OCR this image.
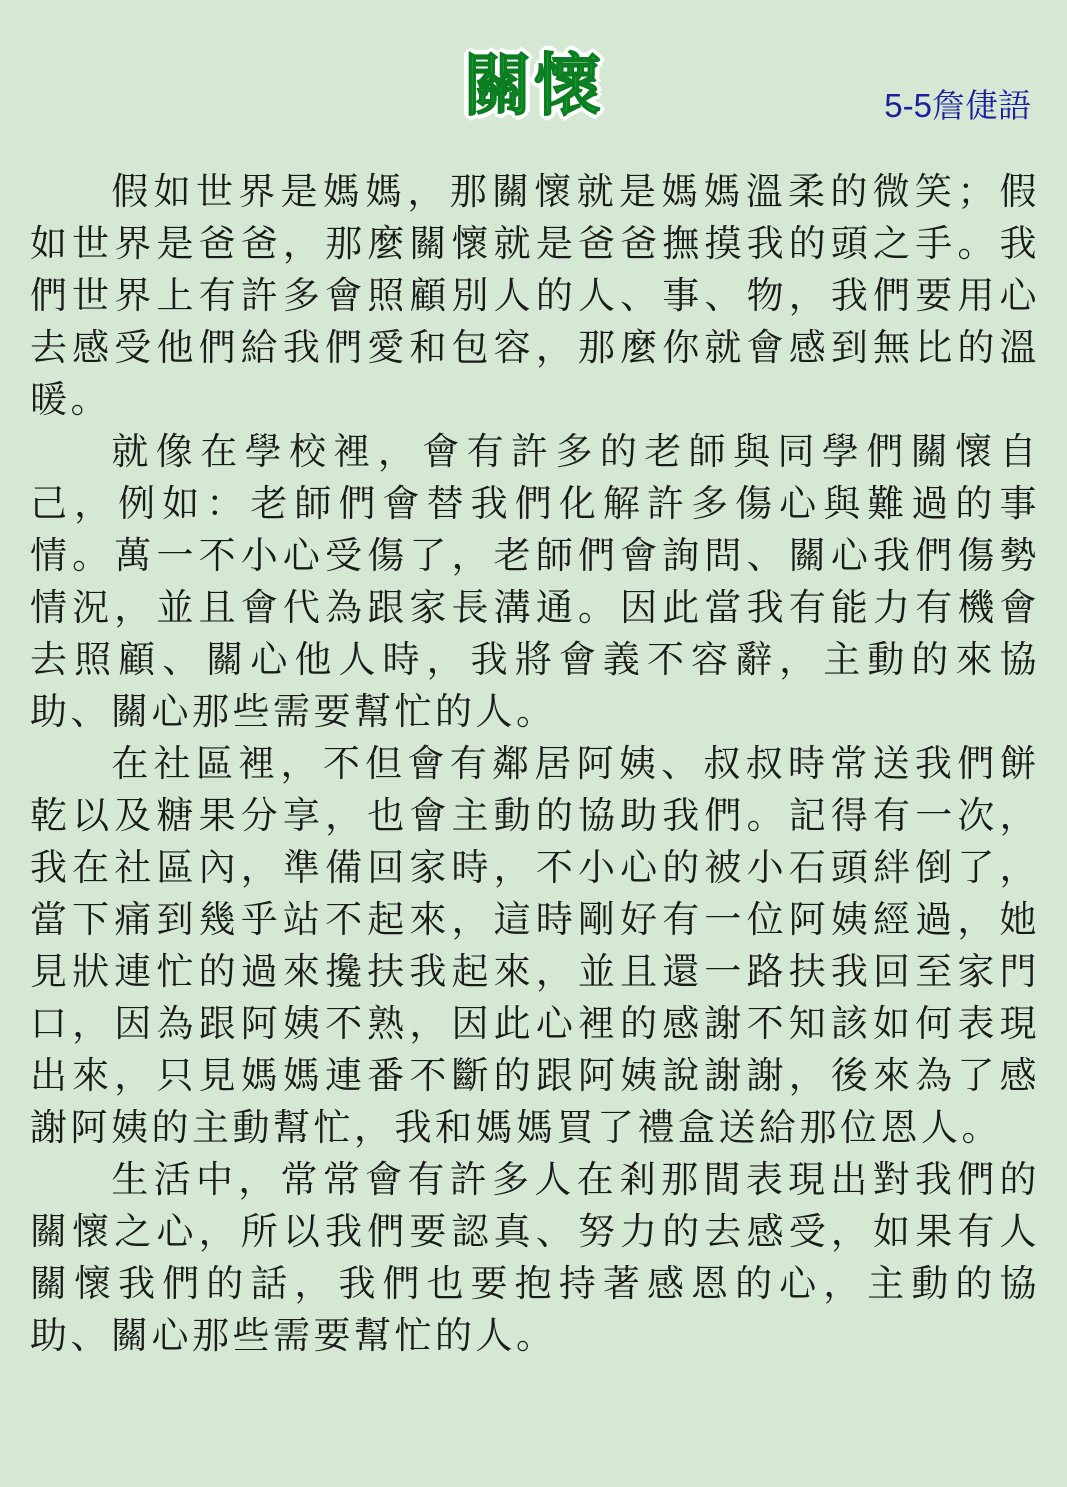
關懷	5-5詹倢語

假如世界是媽媽，那關懷就是媽媽溫柔的微笑；假如世界是爸爸，那麼關懷就是爸爸撫摸我的頭之手。我們世界上有許多會照顧別人的人、事、物，我們要用心去感受他們給我們愛和包容，那麼你就會感到無比的溫暖。

就像在學校裡，會有許多的老師與同學們關懷自己，例如：老師們會替我們化解許多傷心與難過的事情。萬一不小心受傷了，老師們會詢問、關心我們傷勢情況，並且會代為跟家長溝通。因此當我有能力有機會去照顧、關心他人時，我將會義不容辭，主動的來協助、關心那些需要幫忙的人。

在社區裡，不但會有鄰居阿姨、叔叔時常送我們餅乾以及糖果分享，也會主動的協助我們。記得有一次，我在社區內，準備回家時，不小心的被小石頭絆倒了，當下痛到幾乎站不起來，這時剛好有一位阿姨經過，她見狀連忙的過來攙扶我起來，並且還一路扶我回至家門口，因為跟阿姨不熟，因此心裡的感謝不知該如何表現出來，只見媽媽連番不斷的跟阿姨說謝謝，後來為了感謝阿姨的主動幫忙，我和媽媽買了禮盒送給那位恩人。

生活中，常常會有許多人在剎那間表現出對我們的關懷之心，所以我們要認真、努力的去感受，如果有人關懷我們的話，我們也要抱持著感恩的心，主動的協助、關心那些需要幫忙的人。
